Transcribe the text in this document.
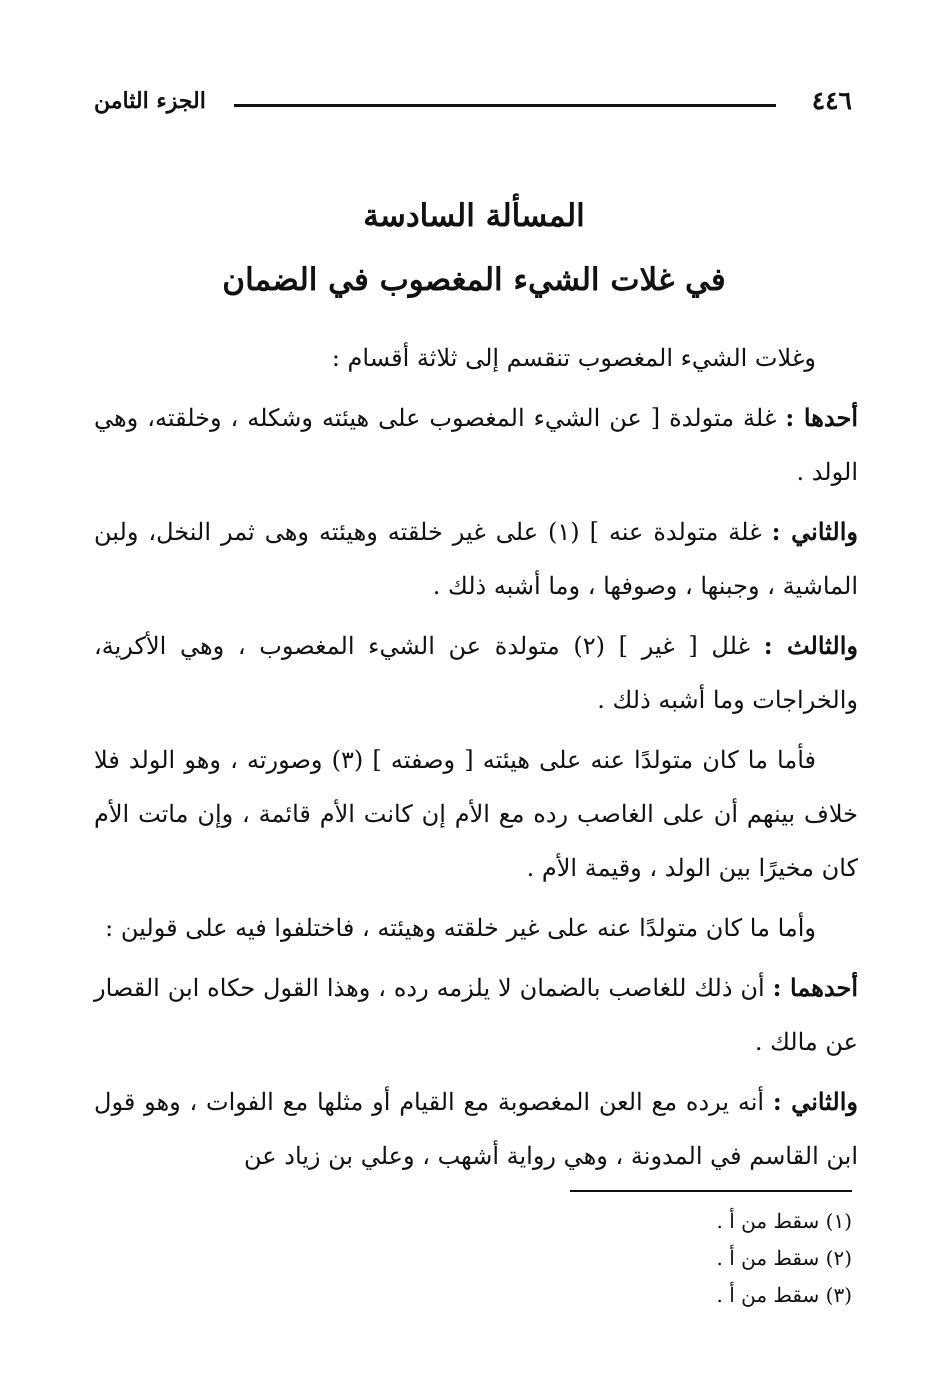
الجزء الثامن	٤٤٦
المسألة السادسة
في غلات الشيء المغصوب في الضمان

وغلات الشيء المغصوب تنقسم إلى ثلاثة أقسام :

أحدها : غلة متولدة [ عن الشيء المغصوب على هيئته وشكله ، وخلقته، وهي الولد .

والثاني : غلة متولدة عنه ] (١) على غير خلقته وهيئته وهى ثمر النخل، ولبن الماشية ، وجبنها ، وصوفها ، وما أشبه ذلك .

والثالث : غلل [ غير ] (٢) متولدة عن الشيء المغصوب ، وهي الأكرية، والخراجات وما أشبه ذلك .

فأما ما كان متولدًا عنه على هيئته [ وصفته ] (٣) وصورته ، وهو الولد فلا خلاف بينهم أن على الغاصب رده مع الأم إن كانت الأم قائمة ، وإن ماتت الأم كان مخيرًا بين الولد ، وقيمة الأم .

وأما ما كان متولدًا عنه على غير خلقته وهيئته ، فاختلفوا فيه على قولين :

أحدهما : أن ذلك للغاصب بالضمان لا يلزمه رده ، وهذا القول حكاه ابن القصار عن مالك .

والثاني : أنه يرده مع العن المغصوبة مع القيام أو مثلها مع الفوات ، وهو قول ابن القاسم في المدونة ، وهي رواية أشهب ، وعلي بن زياد عن

(١) سقط من أ .
(٢) سقط من أ .
(٣) سقط من أ .
